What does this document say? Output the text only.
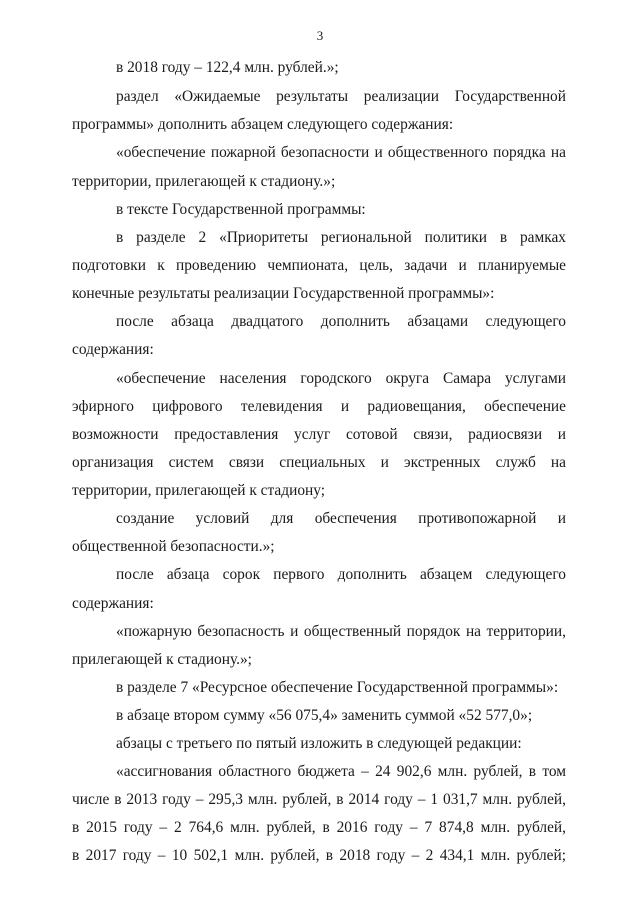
3
в 2018 году – 122,4 млн. рублей.»;
раздел «Ожидаемые результаты реализации Государственной
программы» дополнить абзацем следующего содержания:
«обеспечение пожарной безопасности и общественного порядка на
территории, прилегающей к стадиону.»;
в тексте Государственной программы:
в разделе 2 «Приоритеты региональной политики в рамках
подготовки к проведению чемпионата, цель, задачи и планируемые
конечные результаты реализации Государственной программы»:
после абзаца двадцатого дополнить абзацами следующего
содержания:
«обеспечение населения городского округа Самара услугами
эфирного цифрового телевидения и радиовещания, обеспечение
возможности предоставления услуг сотовой связи, радиосвязи и
организация систем связи специальных и экстренных служб на
территории, прилегающей к стадиону;
создание условий для обеспечения противопожарной и
общественной безопасности.»;
после абзаца сорок первого дополнить абзацем следующего
содержания:
«пожарную безопасность и общественный порядок на территории,
прилегающей к стадиону.»;
в разделе 7 «Ресурсное обеспечение Государственной программы»:
в абзаце втором сумму «56 075,4» заменить суммой «52 577,0»;
абзацы с третьего по пятый изложить в следующей редакции:
«ассигнования областного бюджета – 24 902,6 млн. рублей, в том
числе в 2013 году – 295,3 млн. рублей, в 2014 году – 1 031,7 млн. рублей,
в 2015 году – 2 764,6 млн. рублей, в 2016 году – 7 874,8 млн. рублей,
в 2017 году – 10 502,1 млн. рублей, в 2018 году – 2 434,1 млн. рублей;
